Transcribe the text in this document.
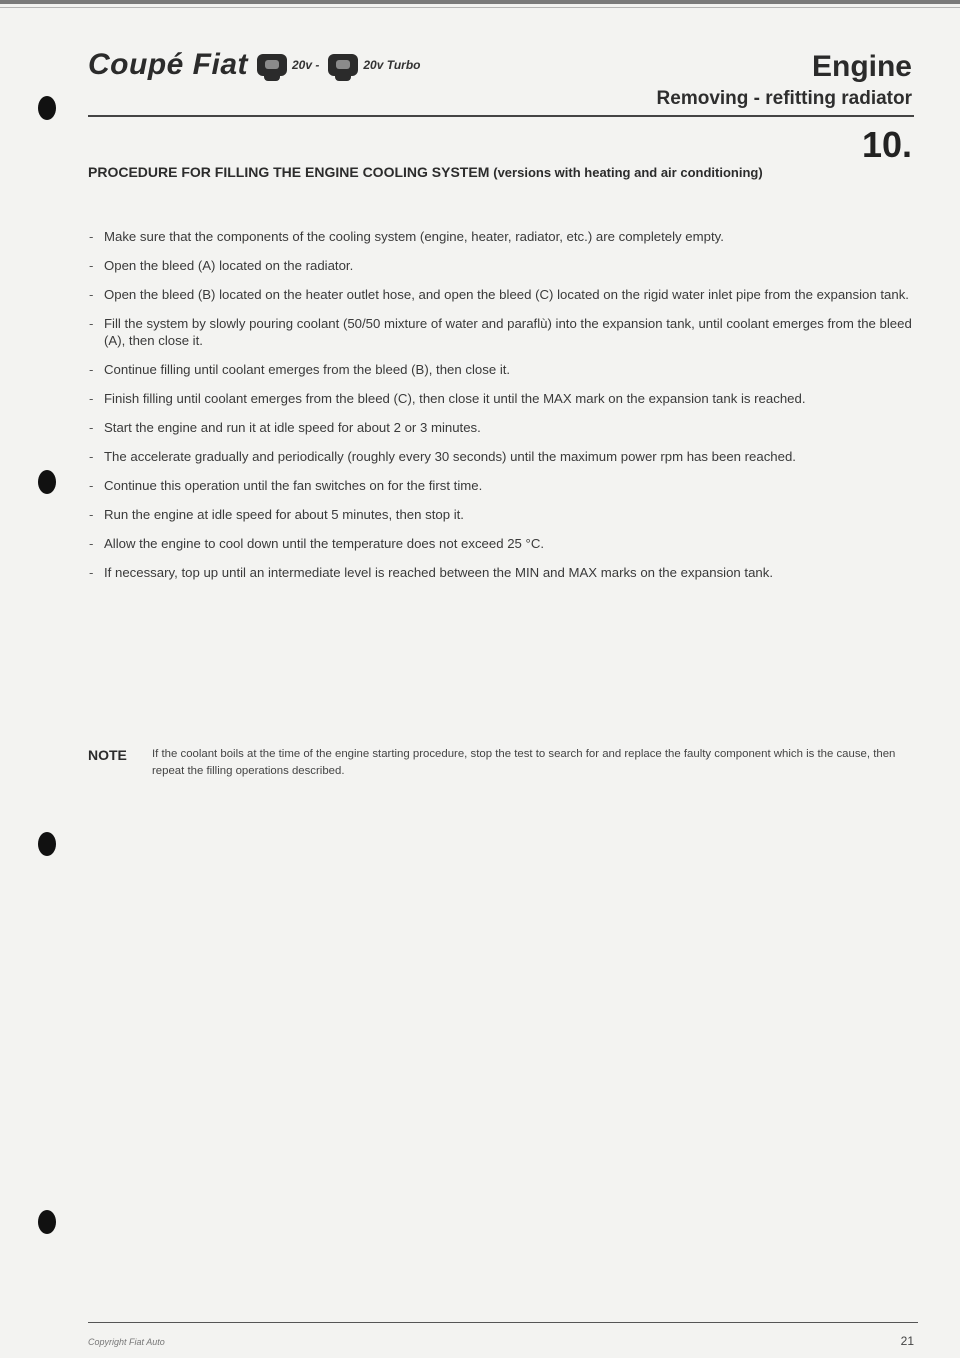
Coupé Fiat	20v -	20v Turbo	Engine
Removing - refitting radiator
10.
PROCEDURE FOR FILLING THE ENGINE COOLING SYSTEM (versions with heating and air conditioning)
- Make sure that the components of the cooling system (engine, heater, radiator, etc.) are completely empty.
- Open the bleed (A) located on the radiator.
- Open the bleed (B) located on the heater outlet hose, and open the bleed (C) located on the rigid water inlet pipe from the expansion tank.
- Fill the system by slowly pouring coolant (50/50 mixture of water and paraflù) into the expansion tank, until coolant emerges from the bleed (A), then close it.
- Continue filling until coolant emerges from the bleed (B), then close it.
- Finish filling until coolant emerges from the bleed (C), then close it until the MAX mark on the expansion tank is reached.
- Start the engine and run it at idle speed for about 2 or 3 minutes.
- The accelerate gradually and periodically (roughly every 30 seconds) until the maximum power rpm has been reached.
- Continue this operation until the fan switches on for the first time.
- Run the engine at idle speed for about 5 minutes, then stop it.
- Allow the engine to cool down until the temperature does not exceed 25 °C.
- If necessary, top up until an intermediate level is reached between the MIN and MAX marks on the expansion tank.
NOTE	If the coolant boils at the time of the engine starting procedure, stop the test to search for and replace the faulty component which is the cause, then repeat the filling operations described.
Copyright Fiat Auto	21
